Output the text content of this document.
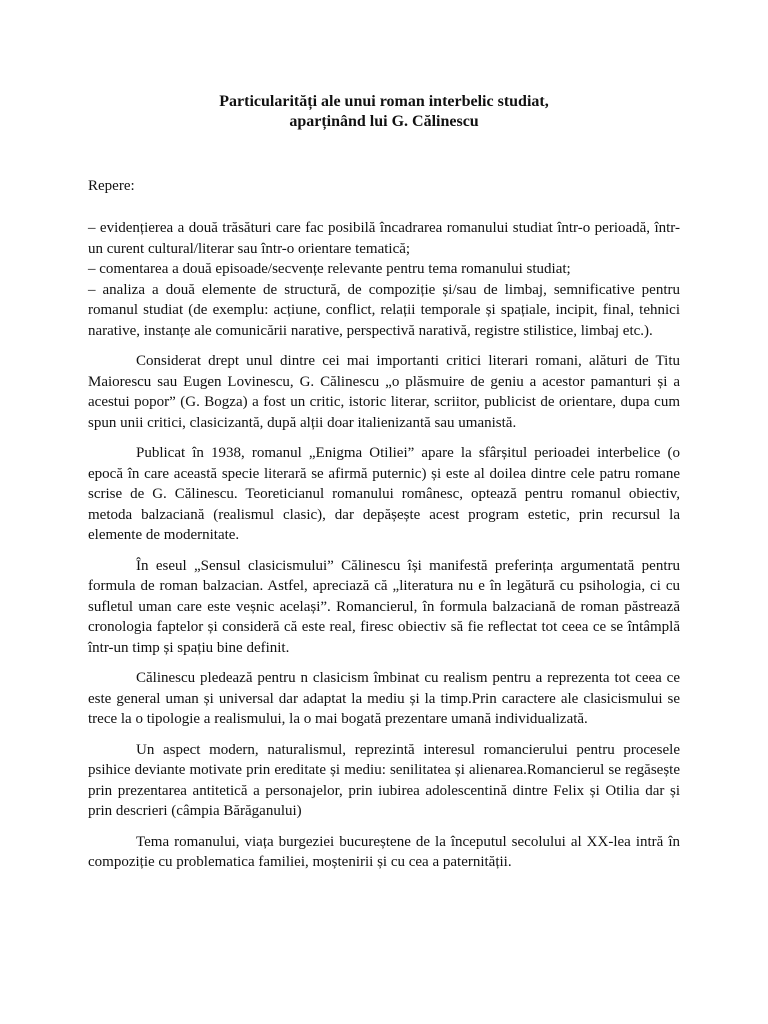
Particularități ale unui roman interbelic studiat,
aparținând lui G. Călinescu

Repere:

– evidențierea a două trăsături care fac posibilă încadrarea romanului studiat într-o perioadă, într-un curent cultural/literar sau într-o orientare tematică;
– comentarea a două episoade/secvențe relevante pentru tema romanului studiat;
– analiza a două elemente de structură, de compoziție și/sau de limbaj, semnificative pentru romanul studiat (de exemplu: acțiune, conflict, relații temporale și spațiale, incipit, final, tehnici narative, instanțe ale comunicării narative, perspectivă narativă, registre stilistice, limbaj etc.).

Considerat drept unul dintre cei mai importanti critici literari romani, alături de Titu Maiorescu sau Eugen Lovinescu, G. Călinescu „o plăsmuire de geniu a acestor pamanturi și a acestui popor” (G. Bogza) a fost un critic, istoric literar, scriitor, publicist de orientare, dupa cum spun unii critici, clasicizantă, după alții doar italienizantă sau umanistă.

Publicat în 1938, romanul „Enigma Otiliei” apare la sfârșitul perioadei interbelice (o epocă în care această specie literară se afirmă puternic) și este al doilea dintre cele patru romane scrise de G. Călinescu. Teoreticianul romanului românesc, optează pentru romanul obiectiv, metoda balzaciană (realismul clasic), dar depășește acest program estetic, prin recursul la elemente de modernitate.

În eseul „Sensul clasicismului” Călinescu își manifestă preferința argumentată pentru formula de roman balzacian. Astfel, apreciază că „literatura nu e în legătură cu psihologia, ci cu sufletul uman care este veșnic același”. Romancierul, în formula balzaciană de roman păstrează cronologia faptelor și consideră că este real, firesc obiectiv să fie reflectat tot ceea ce se întâmplă într-un timp și spațiu bine definit.

Călinescu pledează pentru n clasicism îmbinat cu realism pentru a reprezenta tot ceea ce este general uman și universal dar adaptat la mediu și la timp.Prin caractere ale clasicismului se trece la o tipologie a realismului, la o mai bogată prezentare umană individualizată.

Un aspect modern, naturalismul, reprezintă interesul romancierului pentru procesele psihice deviante motivate prin ereditate și mediu: senilitatea și alienarea.Romancierul se regăsește prin prezentarea antitetică a personajelor, prin iubirea adolescentină dintre Felix și Otilia dar și prin descrieri (câmpia Bărăganului)

Tema romanului, viața burgeziei bucureștene de la începutul secolului al XX-lea intră în compoziție cu problematica familiei, moștenirii și cu cea a paternității.
